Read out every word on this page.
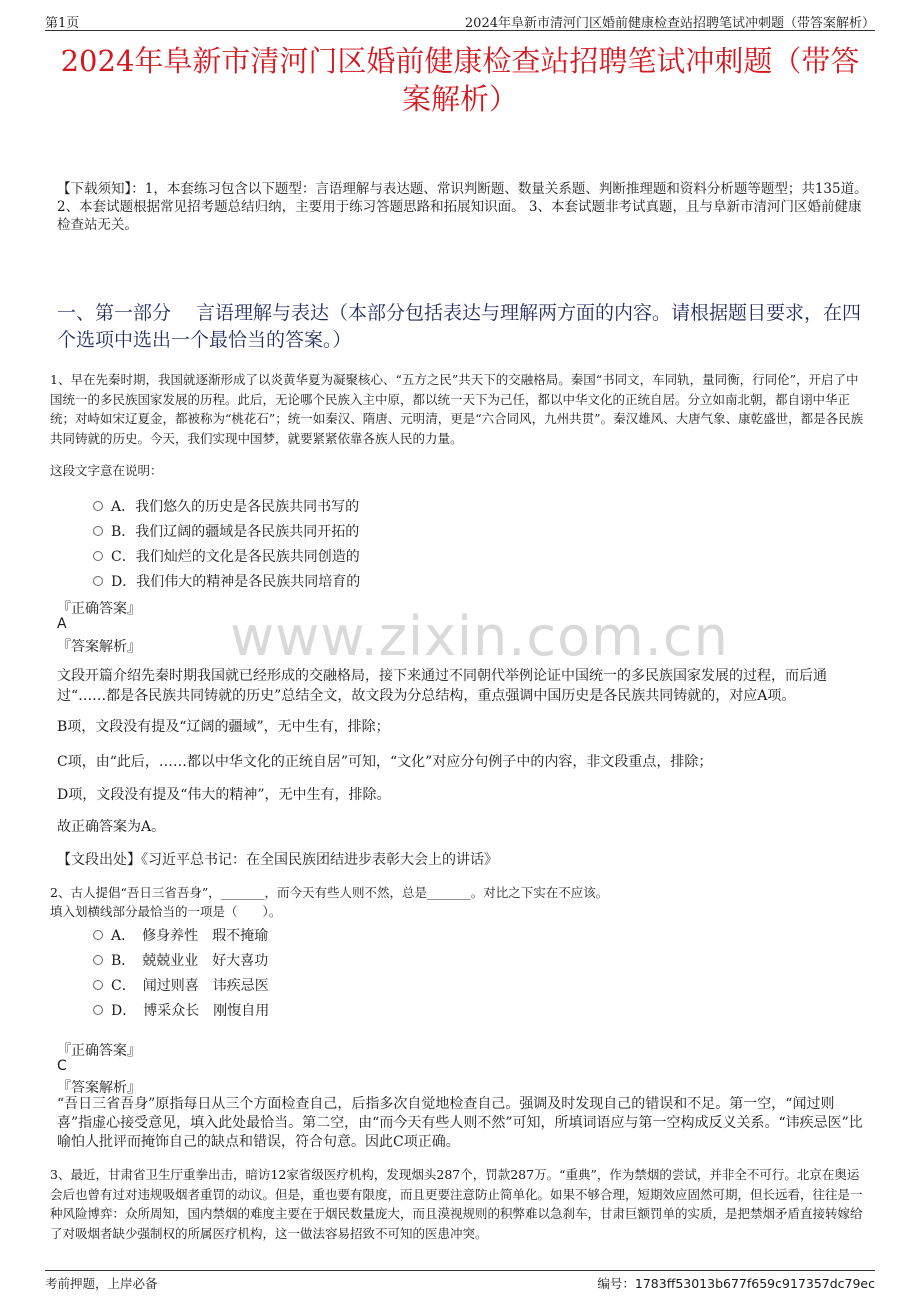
第1页	2024年阜新市清河门区婚前健康检查站招聘笔试冲刺题（带答案解析）
2024年阜新市清河门区婚前健康检查站招聘笔试冲刺题（带答
案解析）
【下载须知】：1，本套练习包含以下题型：言语理解与表达题、常识判断题、数量关系题、判断推理题和资料分析题等题型；共135道。 2、本套试题根据常见招考题总结归纳，主要用于练习答题思路和拓展知识面。 3、本套试题非考试真题，且与阜新市清河门区婚前健康检查站无关。
一、第一部分　 言语理解与表达（本部分包括表达与理解两方面的内容。请根据题目要求，在四个选项中选出一个最恰当的答案。）
www.zixin.com.cn
1、早在先秦时期，我国就逐渐形成了以炎黄华夏为凝聚核心、“五方之民”共天下的交融格局。秦国“书同文，车同轨，量同衡，行同伦”，开启了中国统一的多民族国家发展的历程。此后，无论哪个民族入主中原，都以统一天下为己任，都以中华文化的正统自居。分立如南北朝，都自诩中华正统；对峙如宋辽夏金，都被称为“桃花石”；统一如秦汉、隋唐、元明清，更是“六合同风，九州共贯”。秦汉雄风、大唐气象、康乾盛世，都是各民族共同铸就的历史。今天，我们实现中国梦，就要紧紧依靠各族人民的力量。
这段文字意在说明：
A．我们悠久的历史是各民族共同书写的
B．我们辽阔的疆域是各民族共同开拓的
C．我们灿烂的文化是各民族共同创造的
D．我们伟大的精神是各民族共同培育的
『正确答案』
A
『答案解析』
文段开篇介绍先秦时期我国就已经形成的交融格局，接下来通过不同朝代举例论证中国统一的多民族国家发展的过程，而后通过“……都是各民族共同铸就的历史”总结全文，故文段为分总结构，重点强调中国历史是各民族共同铸就的，对应A项。
B项，文段没有提及“辽阔的疆域”，无中生有，排除；
C项，由“此后，……都以中华文化的正统自居”可知，“文化”对应分句例子中的内容，非文段重点，排除；
D项，文段没有提及“伟大的精神”，无中生有，排除。
故正确答案为A。
【文段出处】《习近平总书记：在全国民族团结进步表彰大会上的讲话》
2、古人提倡“吾日三省吾身”，_______，而今天有些人则不然，总是_______。对比之下实在不应该。
填入划横线部分最恰当的一项是（　　）。
A．　修身养性　瑕不掩瑜
B．　兢兢业业　好大喜功
C．　闻过则喜　讳疾忌医
D．　博采众长　刚愎自用
『正确答案』
C
『答案解析』
“吾日三省吾身”原指每日从三个方面检查自己，后指多次自觉地检查自己。强调及时发现自己的错误和不足。第一空，“闻过则喜”指虚心接受意见，填入此处最恰当。第二空，由“而今天有些人则不然”可知，所填词语应与第一空构成反义关系。“讳疾忌医”比喻怕人批评而掩饰自己的缺点和错误，符合句意。因此C项正确。
3、最近，甘肃省卫生厅重拳出击，暗访12家省级医疗机构，发现烟头287个，罚款287万。“重典”，作为禁烟的尝试，并非全不可行。北京在奥运会后也曾有过对违规吸烟者重罚的动议。但是，重也要有限度，而且更要注意防止简单化。如果不够合理，短期效应固然可期，但长远看，往往是一种风险博弈：众所周知，国内禁烟的难度主要在于烟民数量庞大，而且漠视规则的积弊难以急刹车，甘肃巨额罚单的实质，是把禁烟矛盾直接转嫁给了对吸烟者缺少强制权的所属医疗机构，这一做法容易招致不可知的医患冲突。
考前押题，上岸必备	编号：1783ff53013b677f659c917357dc79ec
